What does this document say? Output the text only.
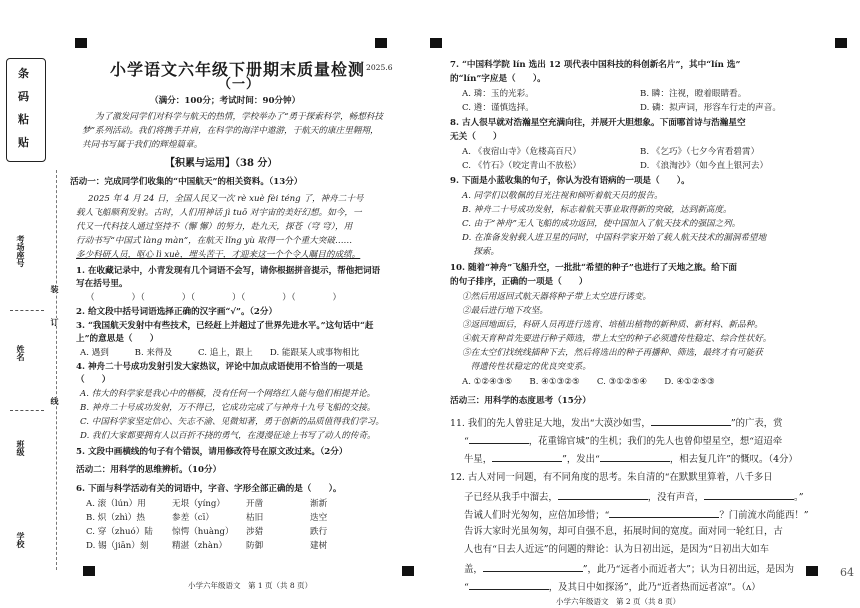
条
码
粘
贴
考场座号
姓名
班级
学校
装
订
线
小学语文六年级下册期末质量检测 2025.6
（一）
（满分：100分；考试时间：90分钟）
为了激发同学们对科学与航天的热情，学校举办了“勇于探索科学，畅想科技
梦”系列活动。我们将携手并肩，在科学的海洋中遨游，于航天的康庄里翱翔，
共同书写属于我们的辉煌篇章。
【积累与运用】（38 分）
活动一：完成同学们收集的“中国航天”的相关资料。（13分）
2025 年 4 月 24 日，全国人民又一次 rè xuè fèi téng 了，神舟二十号
载人飞船顺利发射。古时，人们用神话 jì tuō 对宇宙的美好幻想。如今，一
代又一代科技人通过坚持不（懈 懈）的努力，赴九天，探苍（穹 穹），用
行动书写“中国式 làng màn”，在航天 lǐng yù 取得一个个重大突破……
多少科研人员，呕心 lì xuè，埋头苦干，才迎来这一个个令人瞩目的成绩。
1. 在收藏记录中，小青发现有几个词语不会写，请你根据拼音提示，帮他把词语
写在括号里。
（　　　　）（　　　　）（　　　　）（　　　　）（　　　　）
2. 给文段中括号词语选择正确的汉字画“√”。（2分）
3. “我国航天发射中有些技术，已经赶上并超过了世界先进水平。”这句话中“赶
上”的意思是（　　）
A. 遇到　　　B. 来得及　　　C. 追上，跟上　　D. 能跟某人或事物相比
4. 神舟二十号成功发射引发大家热议，评论中加点成语使用不恰当的一项是
（　　）
A. 伟大的科学家是我心中的楷模，没有任何一个网络红人能与他们相提并论。
B. 神舟二十号成功发射，万不得已，它成功完成了与神舟十九号飞船的交接。
C. 中国科学家坚定信心、矢志不渝、见微知著，勇于创新的品质值得我们学习。
D. 我们大家都要拥有人以百折不挠的勇气，在漫漫征途上书写了动人的传奇。
5. 文段中画横线的句子有个错误，请用修改符号在原文改过来。（2分）
活动二：用科学的思维辨析。（10分）
6. 下面与科学活动有关的词语中，字音、字形全部正确的是（　　）。
A. 滚（lún）用	无垠（yíng） 开凿	渐新
B. 炽（zhì）热	参差（cī）	枯旧	迭空
C. 穿（zhuó）陆 惊愕（huàng） 涉猎	跌行
D. 锡（jiān）刻	精湛（zhàn） 防御	建树
小学六年级语文　第 1 页（共 8 页）
7. “中国科学院 lín 选出 12 项代表中国科技的科创新名片”，其中“lín 选”
的“lín”字应是（　　）。
A. 璘：玉的光彩。	B. 瞵：注视，瞪着眼睛看。
C. 遴：谨慎选择。	D. 磷：拟声词，形容车行走的声音。
8. 古人很早就对浩瀚星空充满向往，并展开大胆想象。下面哪首诗与浩瀚星空
无关（　　）
A. 《夜宿山寺》（危楼高百尺）	B. 《乞巧》（七夕今宵看碧霄）
C. 《竹石》（咬定青山不放松）	D. 《浪淘沙》（如今直上银河去）
9. 下面是小蓝收集的句子，你认为没有语病的一项是（　　）。
A. 同学们以敬佩的目光注视和倾听着航天员的报告。
B. 神舟二十号成功发射，标志着航天事业取得新的突破，达到新高度。
C. 由于“神舟”无人飞船的成功返回，使中国加入了航天技术的强国之列。
D. 在准备发射载人进卫星的同时，中国科学家开始了载人航天技术的漏洞希望地
　 探索。
10. 随着“神舟”飞船升空，一批批“希望的种子”也进行了天地之旅。给下面
的句子排序，正确的一项是（　　）
①然后用返回式航天器将种子带上太空进行诱变。
②最后进行地下攻坚。
③返回地面后，科研人员再进行选育、培植出植物的新种质、新材料、新品种。
④航天育种首先要进行种子筛选，带上太空的种子必须遗传性稳定、综合性状好。
⑤在太空们找统线插种下去，然后将选出的种子再播种、筛选，最终才有可能获
　得遗传性状稳定的优良突变系。
A. ①②④③⑤　　B. ④①③②⑤　　C. ③①②⑤④　　D. ④①②⑤③
活动三：用科学的态度思考（15分）
11. 我们的先人曾驻足大地，发出“大漠沙如雪，	”的广表，赏
“	，花重锦官城”的生机；我们的先人也曾仰望星空，想“迢迢牵
牛星，	”，发出“	，相去复几许”的慨叹。（4分）
12. 古人对同一问题，有不同角度的思考。朱自清的“在默默里算着，八千多日
子已经从我手中溜去，	，没有声音，	。”
告诫人们时光匆匆，应倍加珍惜；“	？门前流水尚能西！”
告诉大家时光虽匆匆，却可自强不息，拓展时间的宽度。面对同一轮红日，古
人也有“日去人近远”的问题的辩论：认为日初出远，是因为“日初出大如车
盖，	”，此乃“远者小而近者大”；认为日初出远，是因为
“	，及其日中如探汤”，此乃“近者热而远者凉”。（ʌ）
小学六年级语文　第 2 页（共 8 页）
64
